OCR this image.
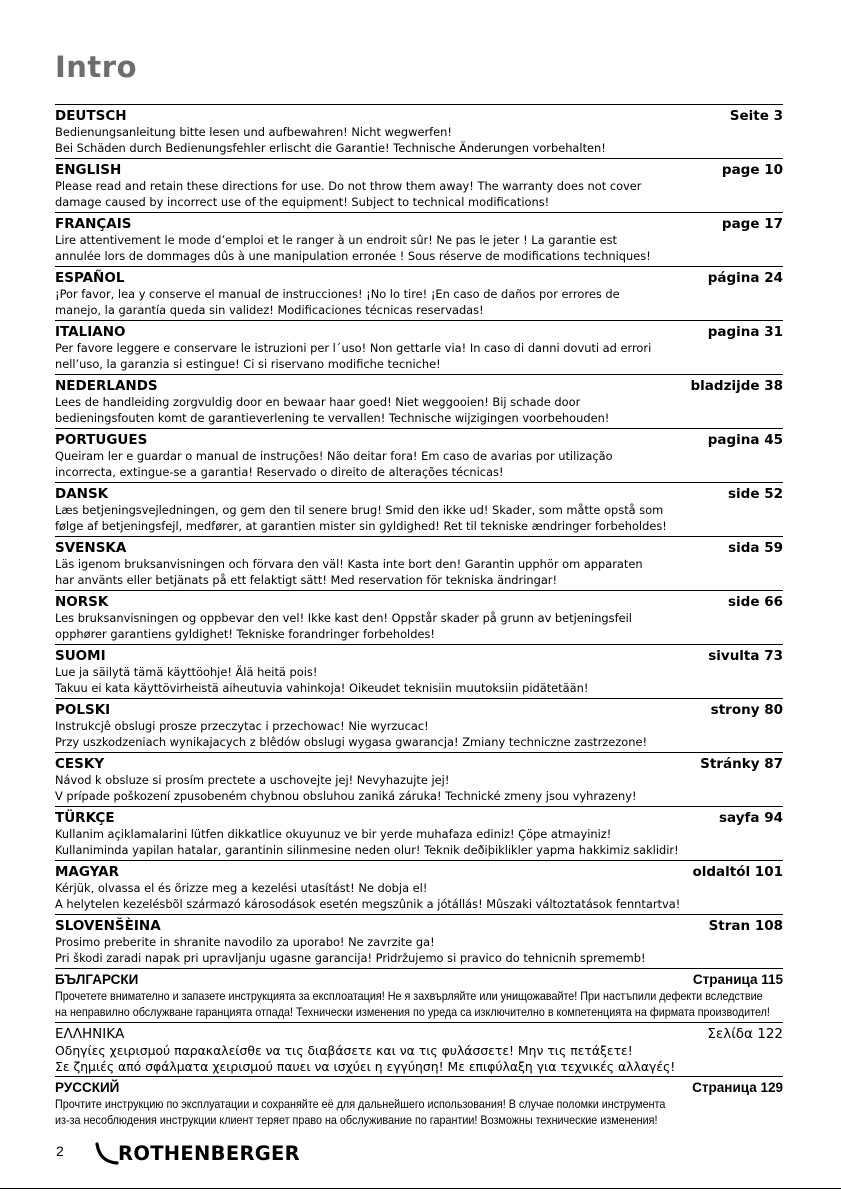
Intro
DEUTSCH	Seite 3
Bedienungsanleitung bitte lesen und aufbewahren! Nicht wegwerfen!
Bei Schäden durch Bedienungsfehler erlischt die Garantie! Technische Änderungen vorbehalten!
ENGLISH	page 10
Please read and retain these directions for use. Do not throw them away! The warranty does not cover
damage caused by incorrect use of the equipment! Subject to technical modifications!
FRANÇAIS	page 17
Lire attentivement le mode d’emploi et le ranger à un endroit sûr! Ne pas le jeter ! La garantie est
annulée lors de dommages dûs à une manipulation erronée ! Sous réserve de modifications techniques!
ESPAÑOL	página 24
¡Por favor, lea y conserve el manual de instrucciones! ¡No lo tire! ¡En caso de daños por errores de
manejo, la garantía queda sin validez! Modificaciones técnicas reservadas!
ITALIANO	pagina 31
Per favore leggere e conservare le istruzioni per l´uso! Non gettarle via! In caso di danni dovuti ad errori
nell’uso, la garanzia si estingue! Ci si riservano modifiche tecniche!
NEDERLANDS	bladzijde 38
Lees de handleiding zorgvuldig door en bewaar haar goed! Niet weggooien! Bij schade door
bedieningsfouten komt de garantieverlening te vervallen! Technische wijzigingen voorbehouden!
PORTUGUES	pagina 45
Queiram ler e guardar o manual de instruções! Não deitar fora! Em caso de avarias por utilização
incorrecta, extingue-se a garantia! Reservado o direito de alterações técnicas!
DANSK	side 52
Læs betjeningsvejledningen, og gem den til senere brug! Smid den ikke ud! Skader, som måtte opstå som
følge af betjeningsfejl, medfører, at garantien mister sin gyldighed! Ret til tekniske ændringer forbeholdes!
SVENSKA	sida 59
Läs igenom bruksanvisningen och förvara den väl! Kasta inte bort den! Garantin upphör om apparaten
har använts eller betjänats på ett felaktigt sätt! Med reservation för tekniska ändringar!
NORSK	side 66
Les bruksanvisningen og oppbevar den vel! Ikke kast den! Oppstår skader på grunn av betjeningsfeil
opphører garantiens gyldighet! Tekniske forandringer forbeholdes!
SUOMI	sivulta 73
Lue ja säilytä tämä käyttöohje! Älä heitä pois!
Takuu ei kata käyttövirheistä aiheutuvia vahinkoja! Oikeudet teknisiin muutoksiin pidätetään!
POLSKI	strony 80
Instrukcjê obslugi prosze przeczytac i przechowac! Nie wyrzucac!
Przy uszkodzeniach wynikajacych z blêdów obslugi wygasa gwarancja! Zmiany techniczne zastrzezone!
CESKY	Stránky 87
Návod k obsluze si prosím prectete a uschovejte jej! Nevyhazujte jej!
V prípade poškození zpusobeném chybnou obsluhou zaniká záruka! Technické zmeny jsou vyhrazeny!
TÜRKÇE	sayfa 94
Kullanim açiklamalarini lütfen dikkatlice okuyunuz ve bir yerde muhafaza ediniz! Çöpe atmayiniz!
Kullaniminda yapilan hatalar, garantinin silinmesine neden olur! Teknik deðiþiklikler yapma hakkimiz saklidir!
MAGYAR	oldaltól 101
Kérjük, olvassa el és õrizze meg a kezelési utasítást! Ne dobja el!
A helytelen kezelésbõl származó károsodások esetén megszûnik a jótállás! Mûszaki változtatások fenntartva!
SLOVENŠÈINA	Stran 108
Prosimo preberite in shranite navodilo za uporabo! Ne zavrzite ga!
Pri škodi zaradi napak pri upravljanju ugasne garancija! Pridržujemo si pravico do tehnicnih sprememb!
БЪЛГАРСКИ	Страница 115
Прочетете внимателно и запазете инструкцията за експлоатация! Не я захвърляйте или унищожавайте! При настъпили дефекти вследствие
на неправилно обслужване гаранцията отпада! Технически изменения по уреда са изключително в компетенцията на фирмата производител!
ΕΛΛΗΝΙΚΑ	Σελίδα 122
Οδηγίες χειρισμού παρακαλείσθε να τις διαβάσετε και να τις φυλάσσετε! Μην τις πετάξετε!
Σε ζημιές από σφάλματα χειρισμού παυει να ισχύει η εγγύηση! Με επιφύλαξη για τεχνικές αλλαγές!
РУССКИЙ	Страница 129
Прочтите инструкцию по эксплуатации и сохраняйте её для дальнейшего использования! В случае поломки инструмента
из-за несоблюдения инструкции клиент теряет право на обслуживание по гарантии! Возможны технические изменения!
2	ROTHENBERGER
